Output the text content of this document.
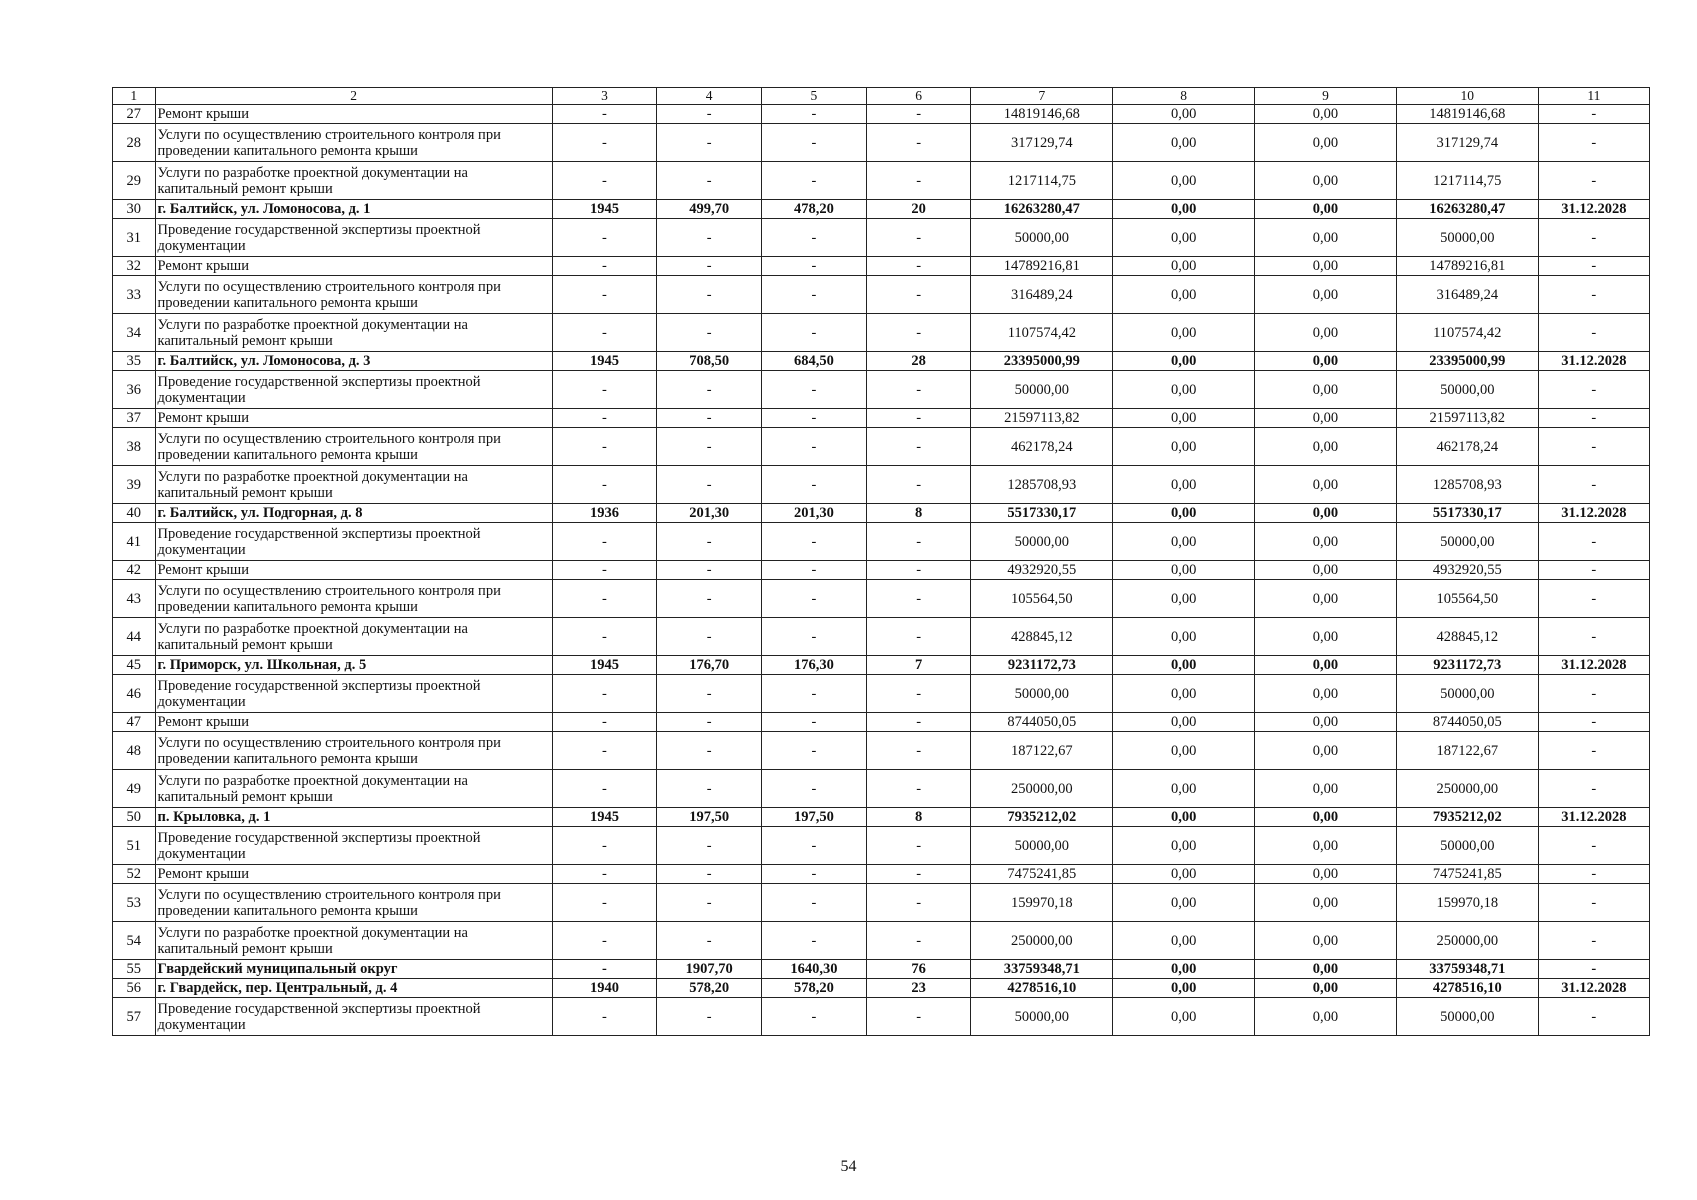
1	2	3	4	5	6	7	8	9	10	11
27	Ремонт крыши	-	-	-	-	14819146,68	0,00	0,00	14819146,68	-
28	Услуги по осуществлению строительного контроля при проведении капитального ремонта крыши	-	-	-	-	317129,74	0,00	0,00	317129,74	-
29	Услуги по разработке проектной документации на капитальный ремонт крыши	-	-	-	-	1217114,75	0,00	0,00	1217114,75	-
30	г. Балтийск, ул. Ломоносова, д. 1	1945	499,70	478,20	20	16263280,47	0,00	0,00	16263280,47	31.12.2028
31	Проведение государственной экспертизы проектной документации	-	-	-	-	50000,00	0,00	0,00	50000,00	-
32	Ремонт крыши	-	-	-	-	14789216,81	0,00	0,00	14789216,81	-
33	Услуги по осуществлению строительного контроля при проведении капитального ремонта крыши	-	-	-	-	316489,24	0,00	0,00	316489,24	-
34	Услуги по разработке проектной документации на капитальный ремонт крыши	-	-	-	-	1107574,42	0,00	0,00	1107574,42	-
35	г. Балтийск, ул. Ломоносова, д. 3	1945	708,50	684,50	28	23395000,99	0,00	0,00	23395000,99	31.12.2028
36	Проведение государственной экспертизы проектной документации	-	-	-	-	50000,00	0,00	0,00	50000,00	-
37	Ремонт крыши	-	-	-	-	21597113,82	0,00	0,00	21597113,82	-
38	Услуги по осуществлению строительного контроля при проведении капитального ремонта крыши	-	-	-	-	462178,24	0,00	0,00	462178,24	-
39	Услуги по разработке проектной документации на капитальный ремонт крыши	-	-	-	-	1285708,93	0,00	0,00	1285708,93	-
40	г. Балтийск, ул. Подгорная, д. 8	1936	201,30	201,30	8	5517330,17	0,00	0,00	5517330,17	31.12.2028
41	Проведение государственной экспертизы проектной документации	-	-	-	-	50000,00	0,00	0,00	50000,00	-
42	Ремонт крыши	-	-	-	-	4932920,55	0,00	0,00	4932920,55	-
43	Услуги по осуществлению строительного контроля при проведении капитального ремонта крыши	-	-	-	-	105564,50	0,00	0,00	105564,50	-
44	Услуги по разработке проектной документации на капитальный ремонт крыши	-	-	-	-	428845,12	0,00	0,00	428845,12	-
45	г. Приморск, ул. Школьная, д. 5	1945	176,70	176,30	7	9231172,73	0,00	0,00	9231172,73	31.12.2028
46	Проведение государственной экспертизы проектной документации	-	-	-	-	50000,00	0,00	0,00	50000,00	-
47	Ремонт крыши	-	-	-	-	8744050,05	0,00	0,00	8744050,05	-
48	Услуги по осуществлению строительного контроля при проведении капитального ремонта крыши	-	-	-	-	187122,67	0,00	0,00	187122,67	-
49	Услуги по разработке проектной документации на капитальный ремонт крыши	-	-	-	-	250000,00	0,00	0,00	250000,00	-
50	п. Крыловка, д. 1	1945	197,50	197,50	8	7935212,02	0,00	0,00	7935212,02	31.12.2028
51	Проведение государственной экспертизы проектной документации	-	-	-	-	50000,00	0,00	0,00	50000,00	-
52	Ремонт крыши	-	-	-	-	7475241,85	0,00	0,00	7475241,85	-
53	Услуги по осуществлению строительного контроля при проведении капитального ремонта крыши	-	-	-	-	159970,18	0,00	0,00	159970,18	-
54	Услуги по разработке проектной документации на капитальный ремонт крыши	-	-	-	-	250000,00	0,00	0,00	250000,00	-
55	Гвардейский муниципальный округ	-	1907,70	1640,30	76	33759348,71	0,00	0,00	33759348,71	-
56	г. Гвардейск, пер. Центральный, д. 4	1940	578,20	578,20	23	4278516,10	0,00	0,00	4278516,10	31.12.2028
57	Проведение государственной экспертизы проектной документации	-	-	-	-	50000,00	0,00	0,00	50000,00	-
54
